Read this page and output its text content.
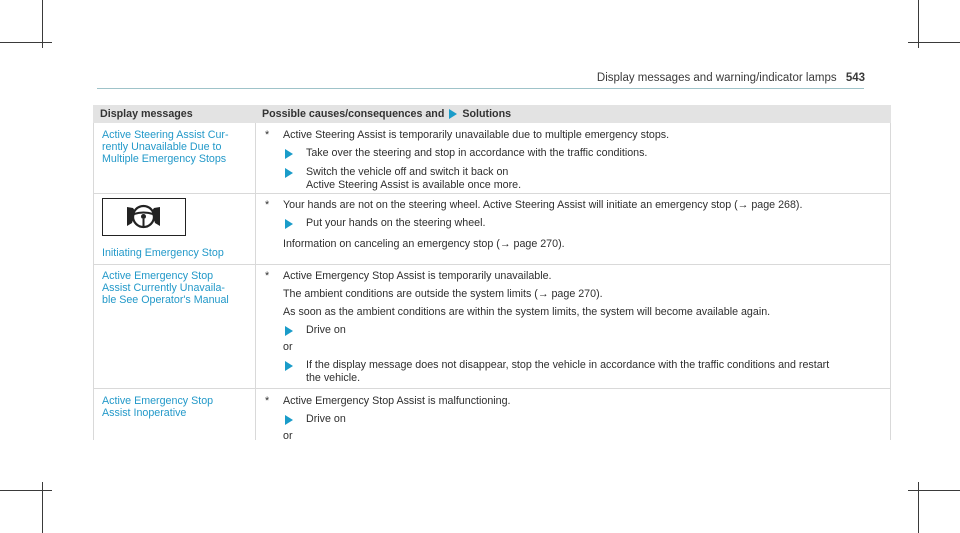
Display messages and warning/indicator lamps 543
Display messages	Possible causes/consequences and Solutions
Active Steering Assist Cur-
rently Unavailable Due to
Multiple Emergency Stops
* Active Steering Assist is temporarily unavailable due to multiple emergency stops.

Take over the steering and stop in accordance with the traffic conditions.
Switch the vehicle off and switch it back on
Active Steering Assist is available once more.
Initiating Emergency Stop
* Your hands are not on the steering wheel. Active Steering Assist will initiate an emergency stop (→ page 268).

Put your hands on the steering wheel.

Information on canceling an emergency stop (→ page 270).

Active Emergency Stop
Assist Currently Unavaila-
ble See Operator's Manual
* Active Emergency Stop Assist is temporarily unavailable.

The ambient conditions are outside the system limits (→ page 270).

As soon as the ambient conditions are within the system limits, the system will become available again.

Drive on
or
If the display message does not disappear, stop the vehicle in accordance with the traffic conditions and restart
the vehicle.
Active Emergency Stop
Assist Inoperative
* Active Emergency Stop Assist is malfunctioning.

Drive on
or
